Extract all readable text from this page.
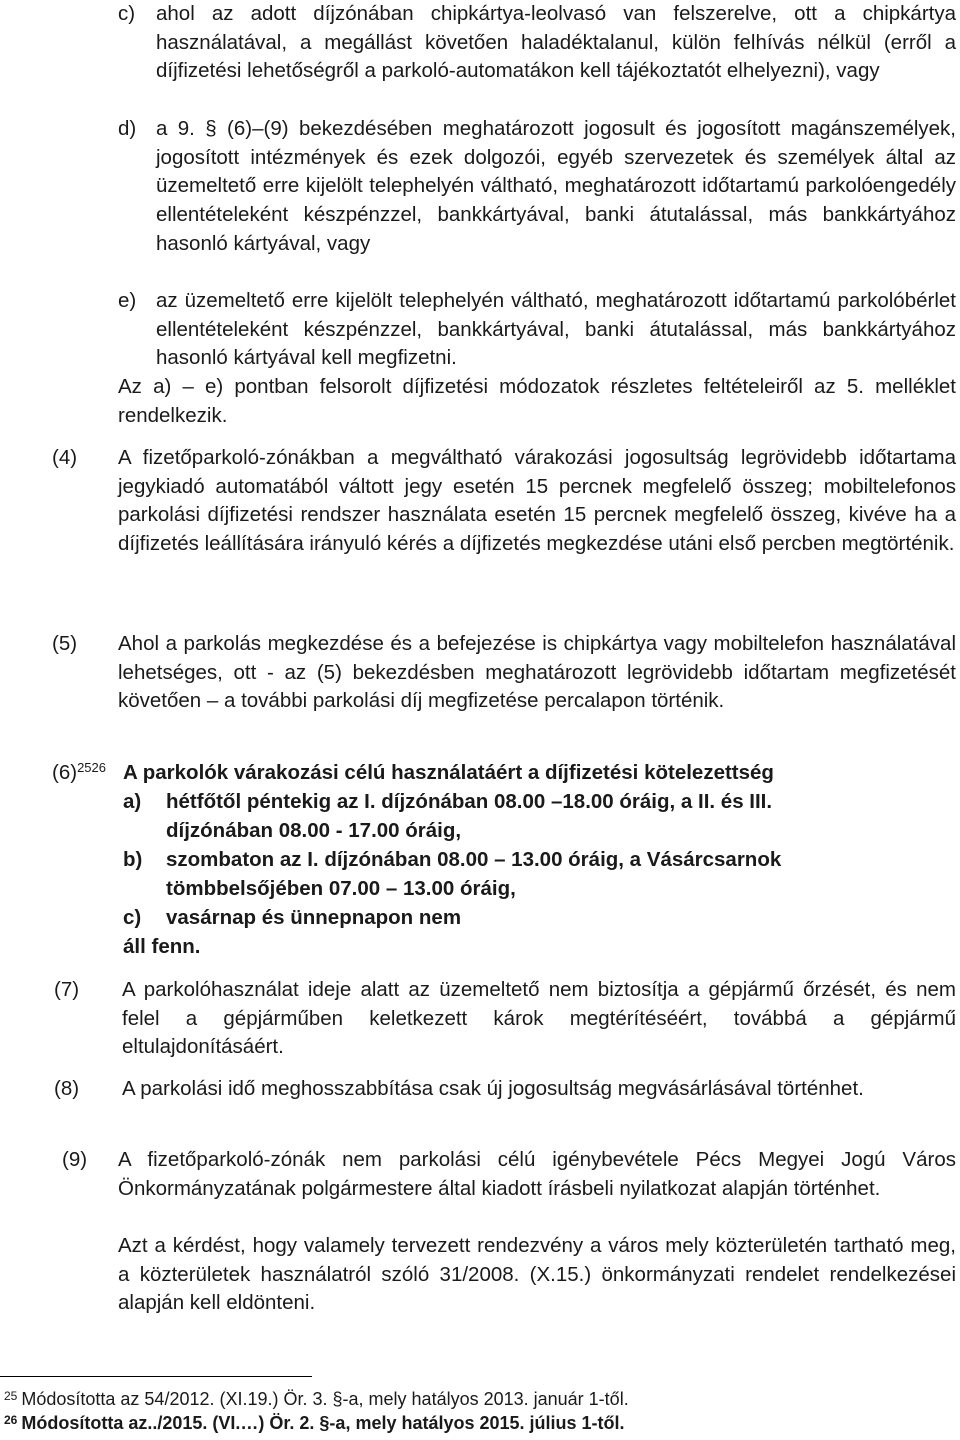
c) ahol az adott díjzónában chipkártya-leolvasó van felszerelve, ott a chipkártya használatával, a megállást követően haladéktalanul, külön felhívás nélkül (erről a díjfizetési lehetőségről a parkoló-automatákon kell tájékoztatót elhelyezni), vagy
d) a 9. § (6)–(9) bekezdésében meghatározott jogosult és jogosított magánszemélyek, jogosított intézmények és ezek dolgozói, egyéb szervezetek és személyek által az üzemeltető erre kijelölt telephelyén váltható, meghatározott időtartamú parkolóengedély ellentételeként készpénzzel, bankkártyával, banki átutalással, más bankkártyához hasonló kártyával, vagy
e) az üzemeltető erre kijelölt telephelyén váltható, meghatározott időtartamú parkolóbérlet ellentételeként készpénzzel, bankkártyával, banki átutalással, más bankkártyához hasonló kártyával kell megfizetni.
Az a) – e) pontban felsorolt díjfizetési módozatok részletes feltételeiről az 5. melléklet rendelkezik.
(4) A fizetőparkoló-zónákban a megváltható várakozási jogosultság legrövidebb időtartama jegykiadó automatából váltott jegy esetén 15 percnek megfelelő összeg; mobiltelefonos parkolási díjfizetési rendszer használata esetén 15 percnek megfelelő összeg, kivéve ha a díjfizetés leállítására irányuló kérés a díjfizetés megkezdése utáni első percben megtörténik.
(5) Ahol a parkolás megkezdése és a befejezése is chipkártya vagy mobiltelefon használatával lehetséges, ott - az (5) bekezdésben meghatározott legrövidebb időtartam megfizetését követően – a további parkolási díj megfizetése percalapon történik.
(6)$^{2526}$ A parkolók várakozási célú használatáért a díjfizetési kötelezettség
a) hétfőtől péntekig az I. díjzónában 08.00 –18.00 óráig, a II. és III.
díjzónában 08.00 - 17.00 óráig,
b) szombaton az I. díjzónában 08.00 – 13.00 óráig, a Vásárcsarnok
tömbbelsőjében 07.00 – 13.00 óráig,
c) vasárnap és ünnepnapon nem
áll fenn.
(7) A parkolóhasználat ideje alatt az üzemeltető nem biztosítja a gépjármű őrzését, és nem felel a gépjárműben keletkezett károk megtérítéséért, továbbá a gépjármű eltulajdonításáért.
(8) A parkolási idő meghosszabbítása csak új jogosultság megvásárlásával történhet.
(9) A fizetőparkoló-zónák nem parkolási célú igénybevétele Pécs Megyei Jogú Város Önkormányzatának polgármestere által kiadott írásbeli nyilatkozat alapján történhet.
Azt a kérdést, hogy valamely tervezett rendezvény a város mely közterületén tartható meg, a közterületek használatról szóló 31/2008. (X.15.) önkormányzati rendelet rendelkezései alapján kell eldönteni.
$^{25}$ Módosította az 54/2012. (XI.19.) Ör. 3. §-a, mely hatályos 2013. január 1-től.
$^{26}$ Módosította az../2015. (VI.…) Ör. 2. §-a, mely hatályos 2015. július 1-től.
